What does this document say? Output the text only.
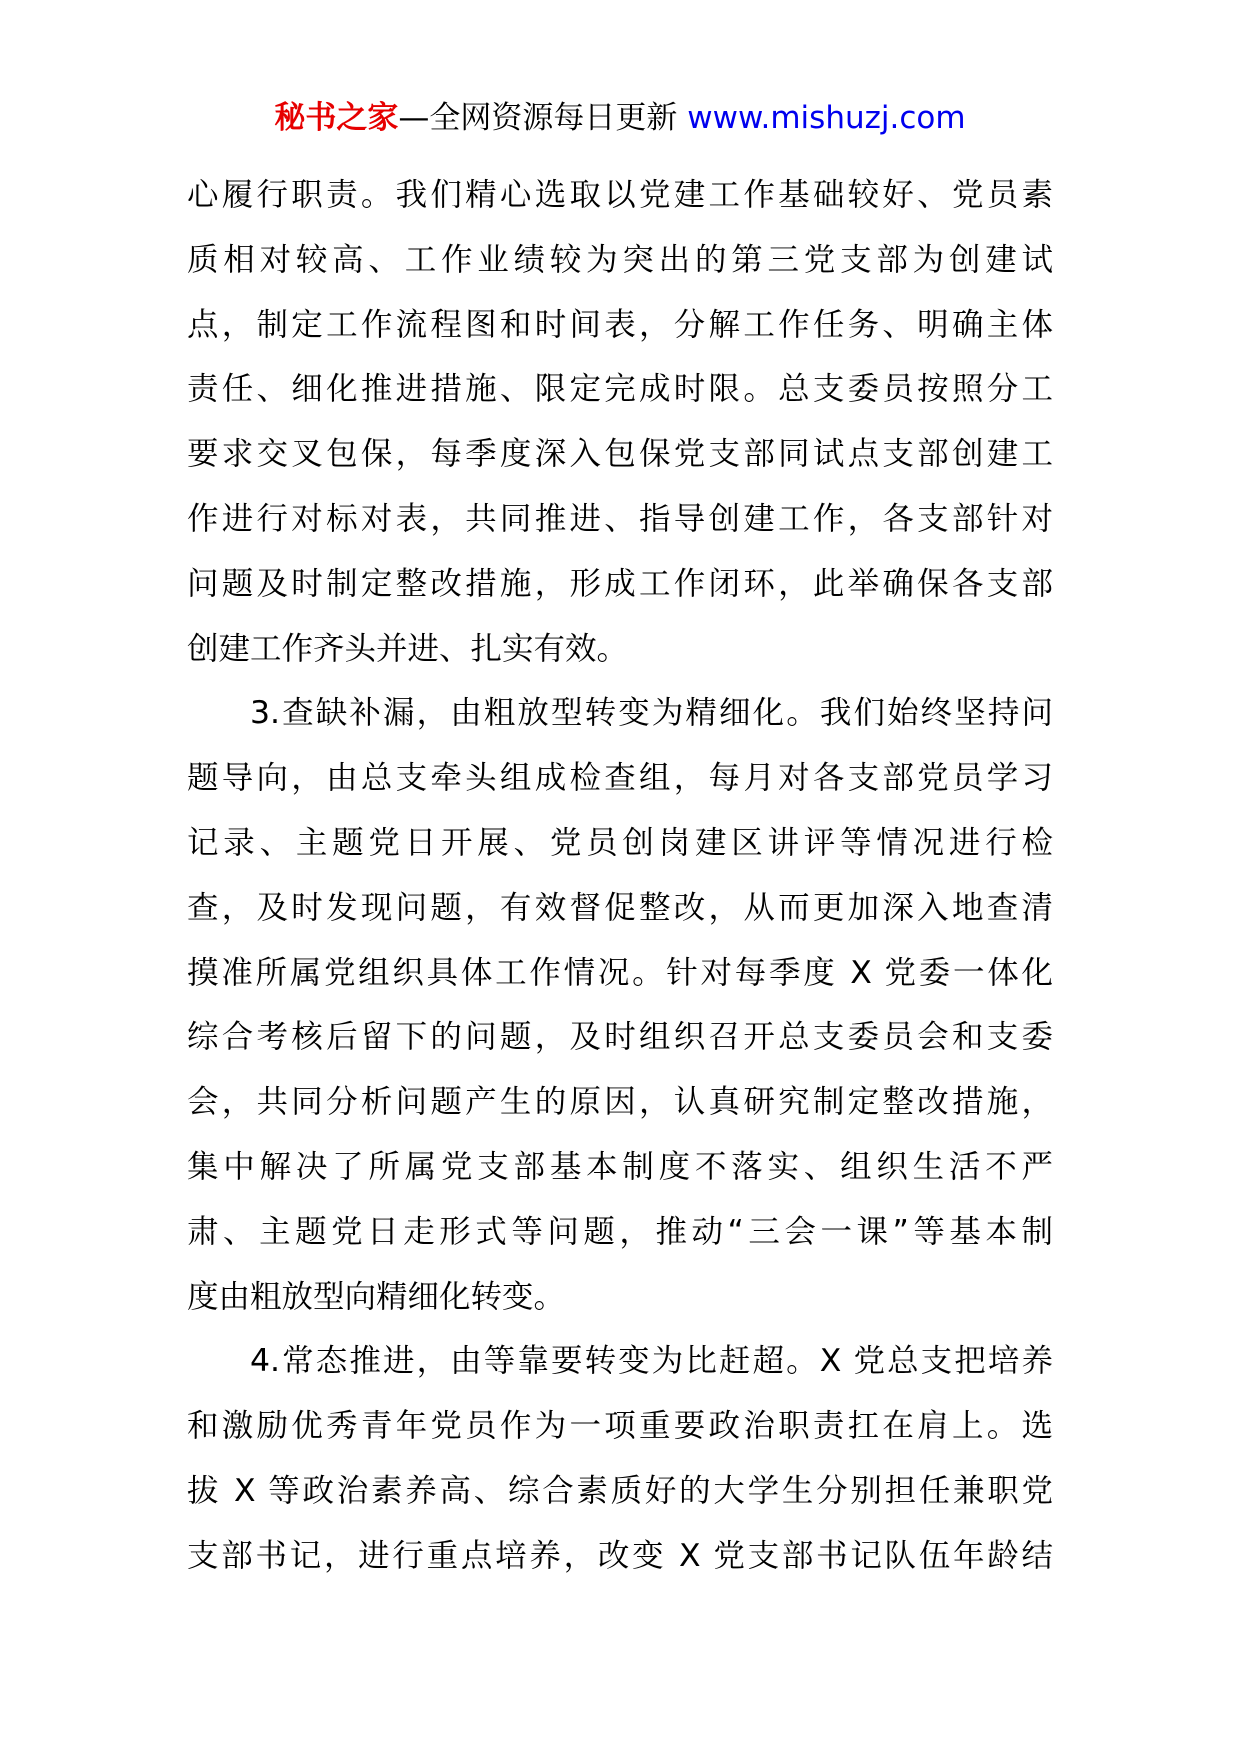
秘书之家—全网资源每日更新 www.mishuzj.com
心履行职责。我们精心选取以党建工作基础较好、党员素
质相对较高、工作业绩较为突出的第三党支部为创建试
点，制定工作流程图和时间表，分解工作任务、明确主体
责任、细化推进措施、限定完成时限。总支委员按照分工
要求交叉包保，每季度深入包保党支部同试点支部创建工
作进行对标对表，共同推进、指导创建工作，各支部针对
问题及时制定整改措施，形成工作闭环，此举确保各支部
创建工作齐头并进、扎实有效。
3.查缺补漏，由粗放型转变为精细化。我们始终坚持问
题导向，由总支牵头组成检查组，每月对各支部党员学习
记录、主题党日开展、党员创岗建区讲评等情况进行检
查，及时发现问题，有效督促整改，从而更加深入地查清
摸准所属党组织具体工作情况。针对每季度 X 党委一体化
综合考核后留下的问题，及时组织召开总支委员会和支委
会，共同分析问题产生的原因，认真研究制定整改措施，
集中解决了所属党支部基本制度不落实、组织生活不严
肃、主题党日走形式等问题，推动“三会一课”等基本制
度由粗放型向精细化转变。
4.常态推进，由等靠要转变为比赶超。X 党总支把培养
和激励优秀青年党员作为一项重要政治职责扛在肩上。选
拔 X 等政治素养高、综合素质好的大学生分别担任兼职党
支部书记，进行重点培养，改变 X 党支部书记队伍年龄结
